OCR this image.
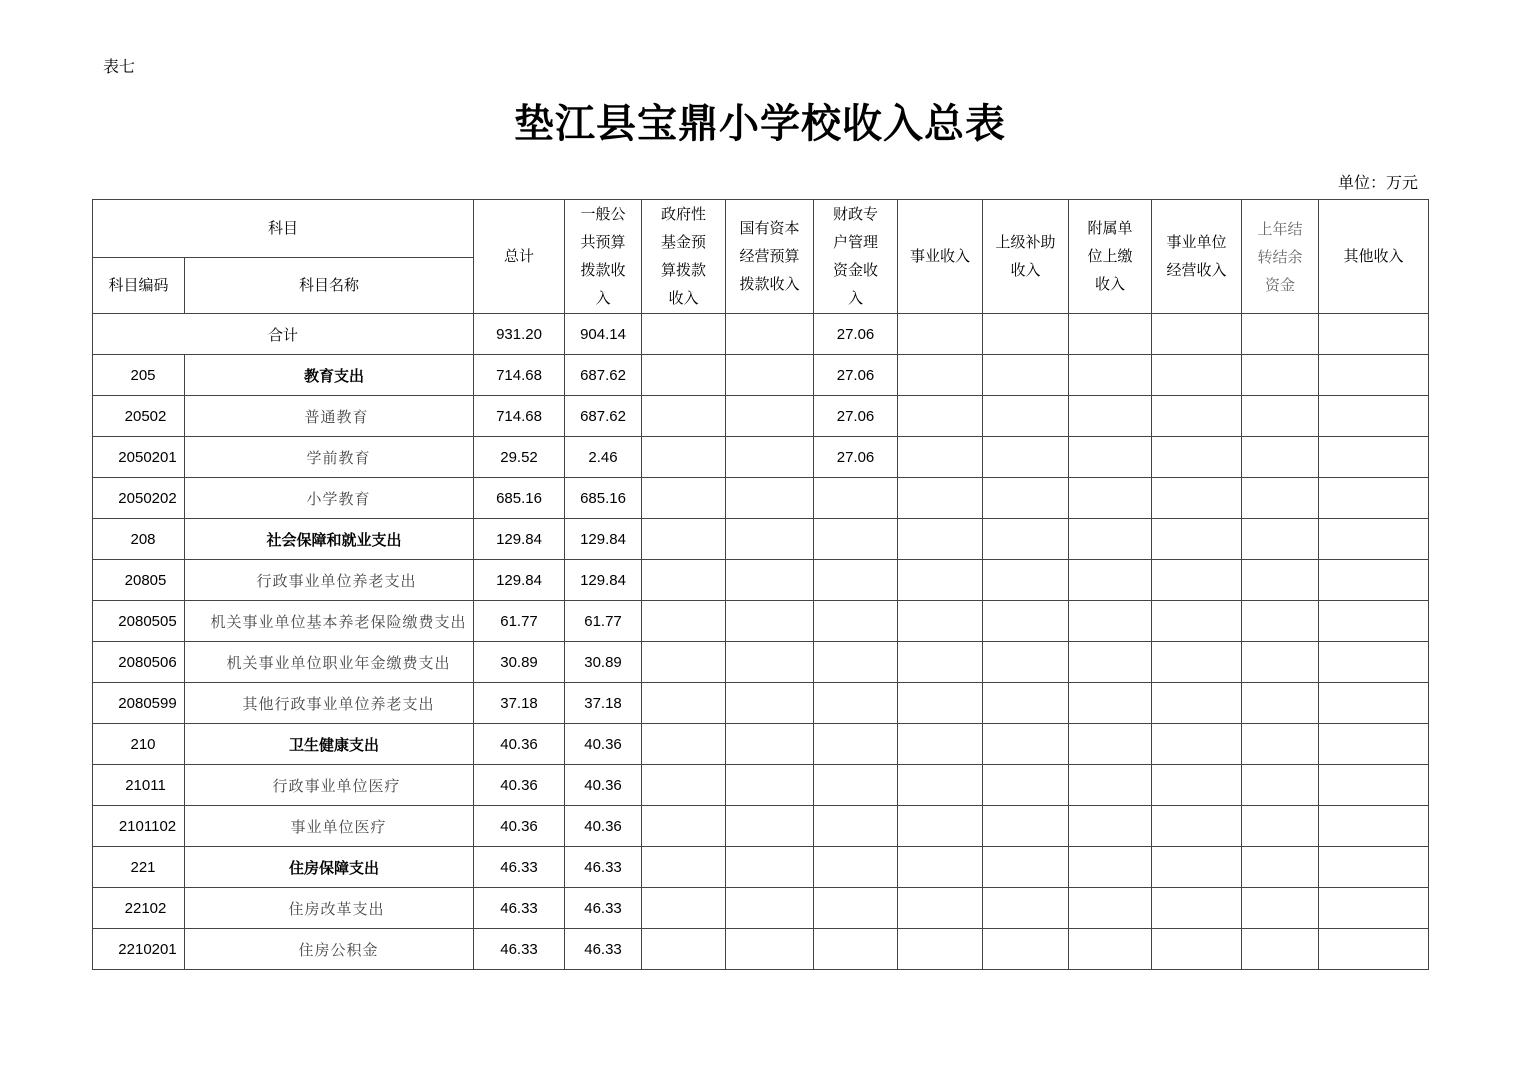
表七
垫江县宝鼎小学校收入总表
单位：万元
科目		总计	一般公共预算拨款收入	政府性基金预算拨款收入	国有资本经营预算拨款收入	财政专户管理资金收入	事业收入	上级补助收入	附属单位上缴收入	事业单位经营收入	上年结转结余资金	其他收入
科目编码	科目名称											
合计		931.20	904.14			27.06						
205	教育支出	714.68	687.62			27.06						
20502	普通教育	714.68	687.62			27.06						
2050201	学前教育	29.52	2.46			27.06						
2050202	小学教育	685.16	685.16									
208	社会保障和就业支出	129.84	129.84									
20805	行政事业单位养老支出	129.84	129.84									
2080505	机关事业单位基本养老保险缴费支出	61.77	61.77									
2080506	机关事业单位职业年金缴费支出	30.89	30.89									
2080599	其他行政事业单位养老支出	37.18	37.18									
210	卫生健康支出	40.36	40.36									
21011	行政事业单位医疗	40.36	40.36									
2101102	事业单位医疗	40.36	40.36									
221	住房保障支出	46.33	46.33									
22102	住房改革支出	46.33	46.33									
2210201	住房公积金	46.33	46.33									
